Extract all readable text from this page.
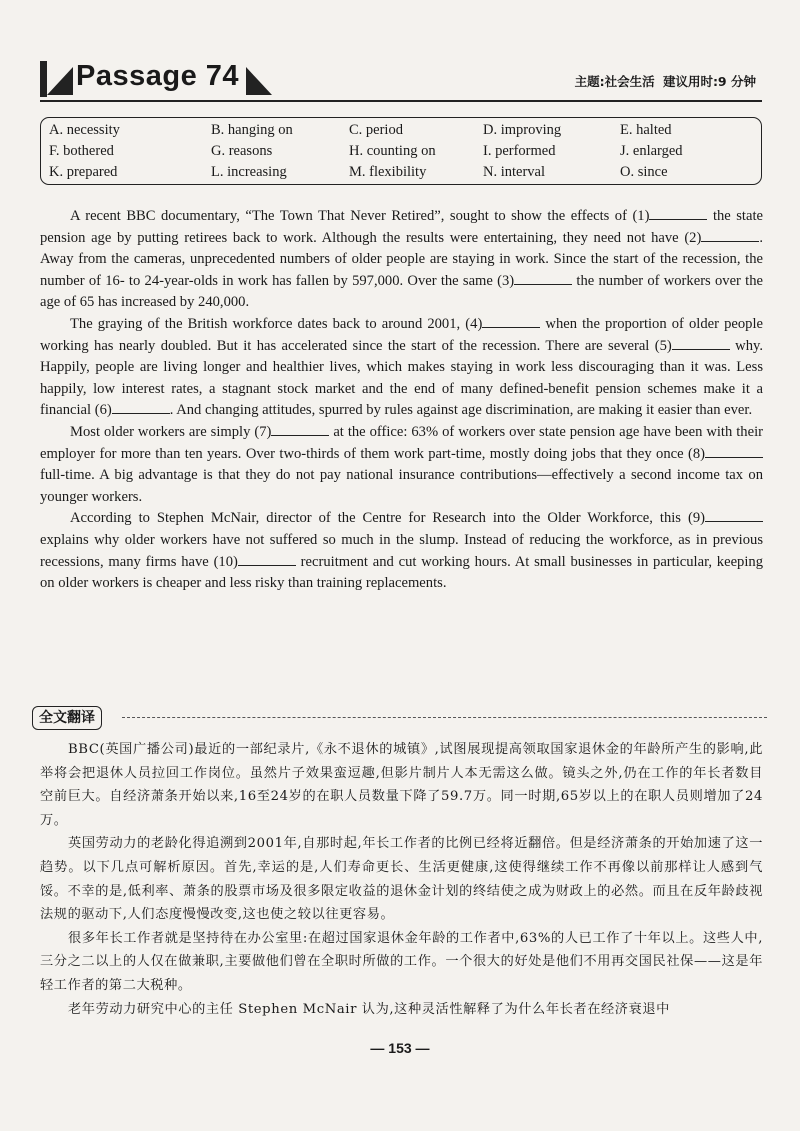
Passage 74	主题:社会生活 建议用时:9 分钟
A. necessity	B. hanging on	C. period	D. improving	E. halted
F. bothered	G. reasons	H. counting on	I. performed	J. enlarged
K. prepared	L. increasing	M. flexibility	N. interval	O. since

A recent BBC documentary, “The Town That Never Retired”, sought to show the effects of (1)	the state pension age by putting retirees back to work. Although the results were entertaining, they need not have (2)	. Away from the cameras, unprecedented numbers of older people are staying in work. Since the start of the recession, the number of 16- to 24-year-olds in work has fallen by 597,000. Over the same (3)	the number of workers over the age of 65 has increased by 240,000.

The graying of the British workforce dates back to around 2001, (4)	when the proportion of older people working has nearly doubled. But it has accelerated since the start of the recession. There are several (5)	why. Happily, people are living longer and healthier lives, which makes staying in work less discouraging than it was. Less happily, low interest rates, a stagnant stock market and the end of many defined-benefit pension schemes make it a financial (6)	. And changing attitudes, spurred by rules against age discrimination, are making it easier than ever.

Most older workers are simply (7)	at the office: 63% of workers over state pension age have been with their employer for more than ten years. Over two-thirds of them work part-time, mostly doing jobs that they once (8) full-time. A big advantage is that they do not pay national insurance contributions—effectively a second income tax on younger workers.

According to Stephen McNair, director of the Centre for Research into the Older Workforce, this (9) explains why older workers have not suffered so much in the slump. Instead of reducing the workforce, as in previous recessions, many firms have (10)	recruitment and cut working hours. At small businesses in particular, keeping on older workers is cheaper and less risky than training replacements.

全文翻译

BBC(英国广播公司)最近的一部纪录片,《永不退休的城镇》,试图展现提高领取国家退休金的年龄所产生的影响,此举将会把退休人员拉回工作岗位。虽然片子效果蛮逗趣,但影片制片人本无需这么做。镜头之外,仍在工作的年长者数目空前巨大。自经济萧条开始以来,16至24岁的在职人员数量下降了59.7万。同一时期,65岁以上的在职人员则增加了24万。

英国劳动力的老龄化得追溯到2001年,自那时起,年长工作者的比例已经将近翻倍。但是经济萧条的开始加速了这一趋势。以下几点可解析原因。首先,幸运的是,人们寿命更长、生活更健康,这使得继续工作不再像以前那样让人感到气馁。不幸的是,低利率、萧条的股票市场及很多限定收益的退休金计划的终结使之成为财政上的必然。而且在反年龄歧视法规的驱动下,人们态度慢慢改变,这也使之较以往更容易。

很多年长工作者就是坚持待在办公室里:在超过国家退休金年龄的工作者中,63%的人已工作了十年以上。这些人中,三分之二以上的人仅在做兼职,主要做他们曾在全职时所做的工作。一个很大的好处是他们不用再交国民社保——这是年轻工作者的第二大税种。

老年劳动力研究中心的主任 Stephen McNair 认为,这种灵活性解释了为什么年长者在经济衰退中

— 153 —
